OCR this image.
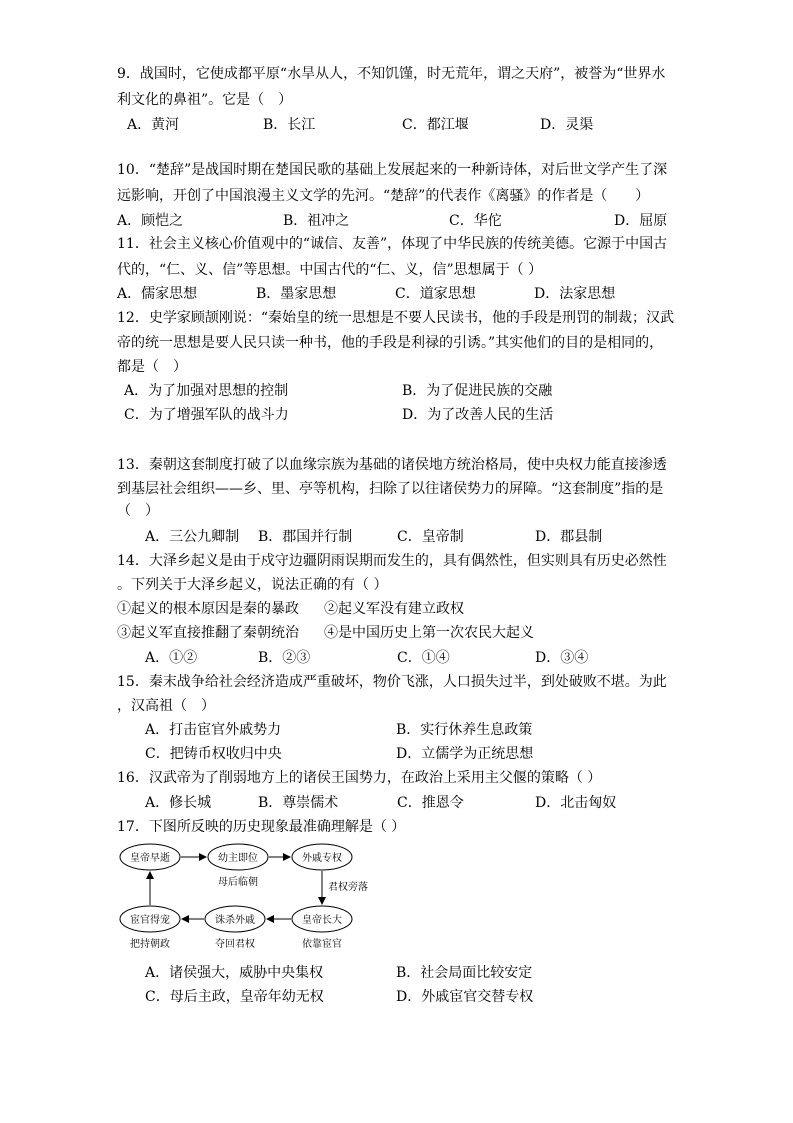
9．战国时，它使成都平原“水旱从人，不知饥馑，时无荒年，谓之天府”，被誉为“世界水
利文化的鼻祖”。它是（　）
A．黄河	B．长江	C．都江堰	D．灵渠
10．“楚辞”是战国时期在楚国民歌的基础上发展起来的一种新诗体，对后世文学产生了深
远影响，开创了中国浪漫主义文学的先河。“楚辞”的代表作《离骚》的作者是（　　）
A．顾恺之	B．祖冲之	C．华佗	D．屈原
11．社会主义核心价值观中的“诚信、友善”，体现了中华民族的传统美德。它源于中国古
代的，“仁、义、信”等思想。中国古代的“仁、义，信”思想属于（ ）
A．儒家思想	B．墨家思想	C．道家思想	D．法家思想
12．史学家顾颉刚说：“秦始皇的统一思想是不要人民读书，他的手段是刑罚的制裁；汉武
帝的统一思想是要人民只读一种书，他的手段是利禄的引诱。”其实他们的目的是相同的，
都是（　）
A．为了加强对思想的控制	B．为了促进民族的交融
C．为了增强军队的战斗力	D．为了改善人民的生活
13．秦朝这套制度打破了以血缘宗族为基础的诸侯地方统治格局，使中央权力能直接渗透
到基层社会组织——乡、里、亭等机构，扫除了以往诸侯势力的屏障。“这套制度”指的是
（　）
A．三公九卿制 B．郡国并行制	C．皇帝制	D．郡县制
14．大泽乡起义是由于戍守边疆阴雨误期而发生的，具有偶然性，但实则具有历史必然性
。下列关于大泽乡起义，说法正确的有（ ）
①起义的根本原因是秦的暴政 ②起义军没有建立政权
③起义军直接推翻了秦朝统治 ④是中国历史上第一次农民大起义
A．①②	B．②③	C．①④	D．③④
15．秦末战争给社会经济造成严重破坏，物价飞涨，人口损失过半，到处破败不堪。为此
，汉高祖（　）
A．打击宦官外戚势力	B．实行休养生息政策
C．把铸币权收归中央	D．立儒学为正统思想
16．汉武帝为了削弱地方上的诸侯王国势力，在政治上采用主父偃的策略（ ）
A．修长城	B．尊崇儒术	C．推恩令	D．北击匈奴
17．下图所反映的历史现象最准确理解是（ ）
皇帝早逝	幼主即位	外戚专权
皇帝长大
诛杀外戚
宦官得宠
母后临朝	君权旁落
依靠宦官
夺回君权
把持朝政
A．诸侯强大，威胁中央集权	B．社会局面比较安定
C．母后主政，皇帝年幼无权	D．外戚宦官交替专权
